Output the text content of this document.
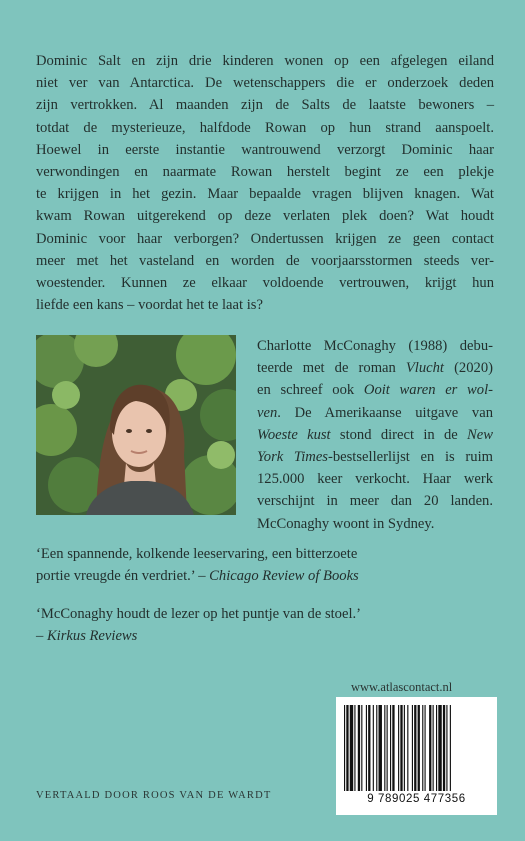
Dominic Salt en zijn drie kinderen wonen op een afgelegen eiland
niet ver van Antarctica. De wetenschappers die er onderzoek deden
zijn vertrokken. Al maanden zijn de Salts de laatste bewoners –
totdat de mysterieuze, halfdode Rowan op hun strand aanspoelt.
Hoewel in eerste instantie wantrouwend verzorgt Dominic haar
verwondingen en naarmate Rowan herstelt begint ze een plekje
te krijgen in het gezin. Maar bepaalde vragen blijven knagen. Wat
kwam Rowan uitgerekend op deze verlaten plek doen? Wat houdt
Dominic voor haar verborgen? Ondertussen krijgen ze geen contact
meer met het vasteland en worden de voorjaarsstormen steeds ver-
woestender. Kunnen ze elkaar voldoende vertrouwen, krijgt hun
liefde een kans – voordat het te laat is?
Charlotte McConaghy (1988) debu-
teerde met de roman Vlucht (2020)
en schreef ook Ooit waren er wol-
ven. De Amerikaanse uitgave van
Woeste kust stond direct in de New
York Times-bestsellerlijst en is ruim
125.000 keer verkocht. Haar werk
verschijnt in meer dan 20 landen.
McConaghy woont in Sydney.
‘Een spannende, kolkende leeservaring, een bitterzoete
portie vreugde én verdriet.’ – Chicago Review of Books
‘McConaghy houdt de lezer op het puntje van de stoel.’
– Kirkus Reviews
www.atlascontact.nl
9 789025 477356
VERTAALD DOOR ROOS VAN DE WARDT
